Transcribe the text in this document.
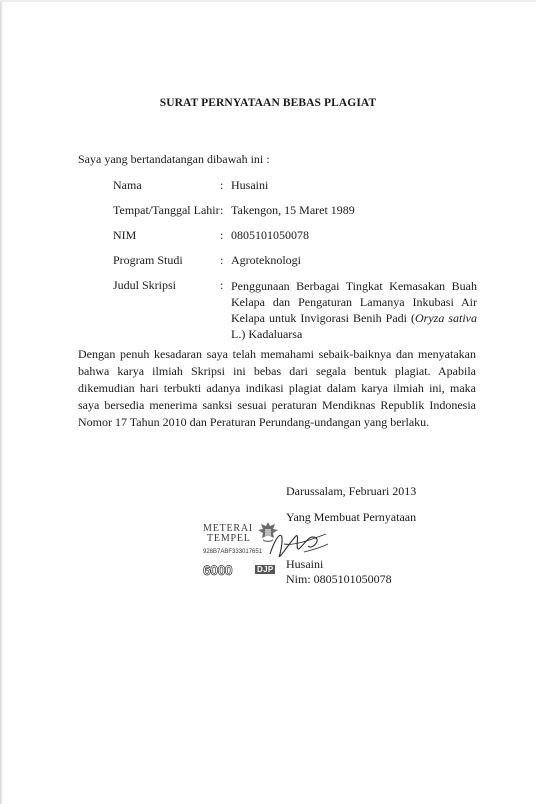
SURAT PERNYATAAN BEBAS PLAGIAT
Saya yang bertandatangan dibawah ini :
Nama	: Husaini
Tempat/Tanggal Lahir : Takengon, 15 Maret 1989
NIM	: 0805101050078
Program Studi	: Agroteknologi
Judul Skripsi	: Penggunaan Berbagai Tingkat Kemasakan Buah Kelapa dan Pengaturan Lamanya Inkubasi Air Kelapa untuk Invigorasi Benih Padi (Oryza sativa L.) Kadaluarsa
Dengan penuh kesadaran saya telah memahami sebaik-baiknya dan menyatakan bahwa karya ilmiah Skripsi ini bebas dari segala bentuk plagiat. Apabila dikemudian hari terbukti adanya indikasi plagiat dalam karya ilmiah ini, maka saya bersedia menerima sanksi sesuai peraturan Mendiknas Republik Indonesia Nomor 17 Tahun 2010 dan Peraturan Perundang-undangan yang berlaku.
Darussalam, Februari 2013
Yang Membuat Pernyataan
METERAI
TEMPEL
928B7ABF333017651
6000	DJP Husaini
Nim: 0805101050078
